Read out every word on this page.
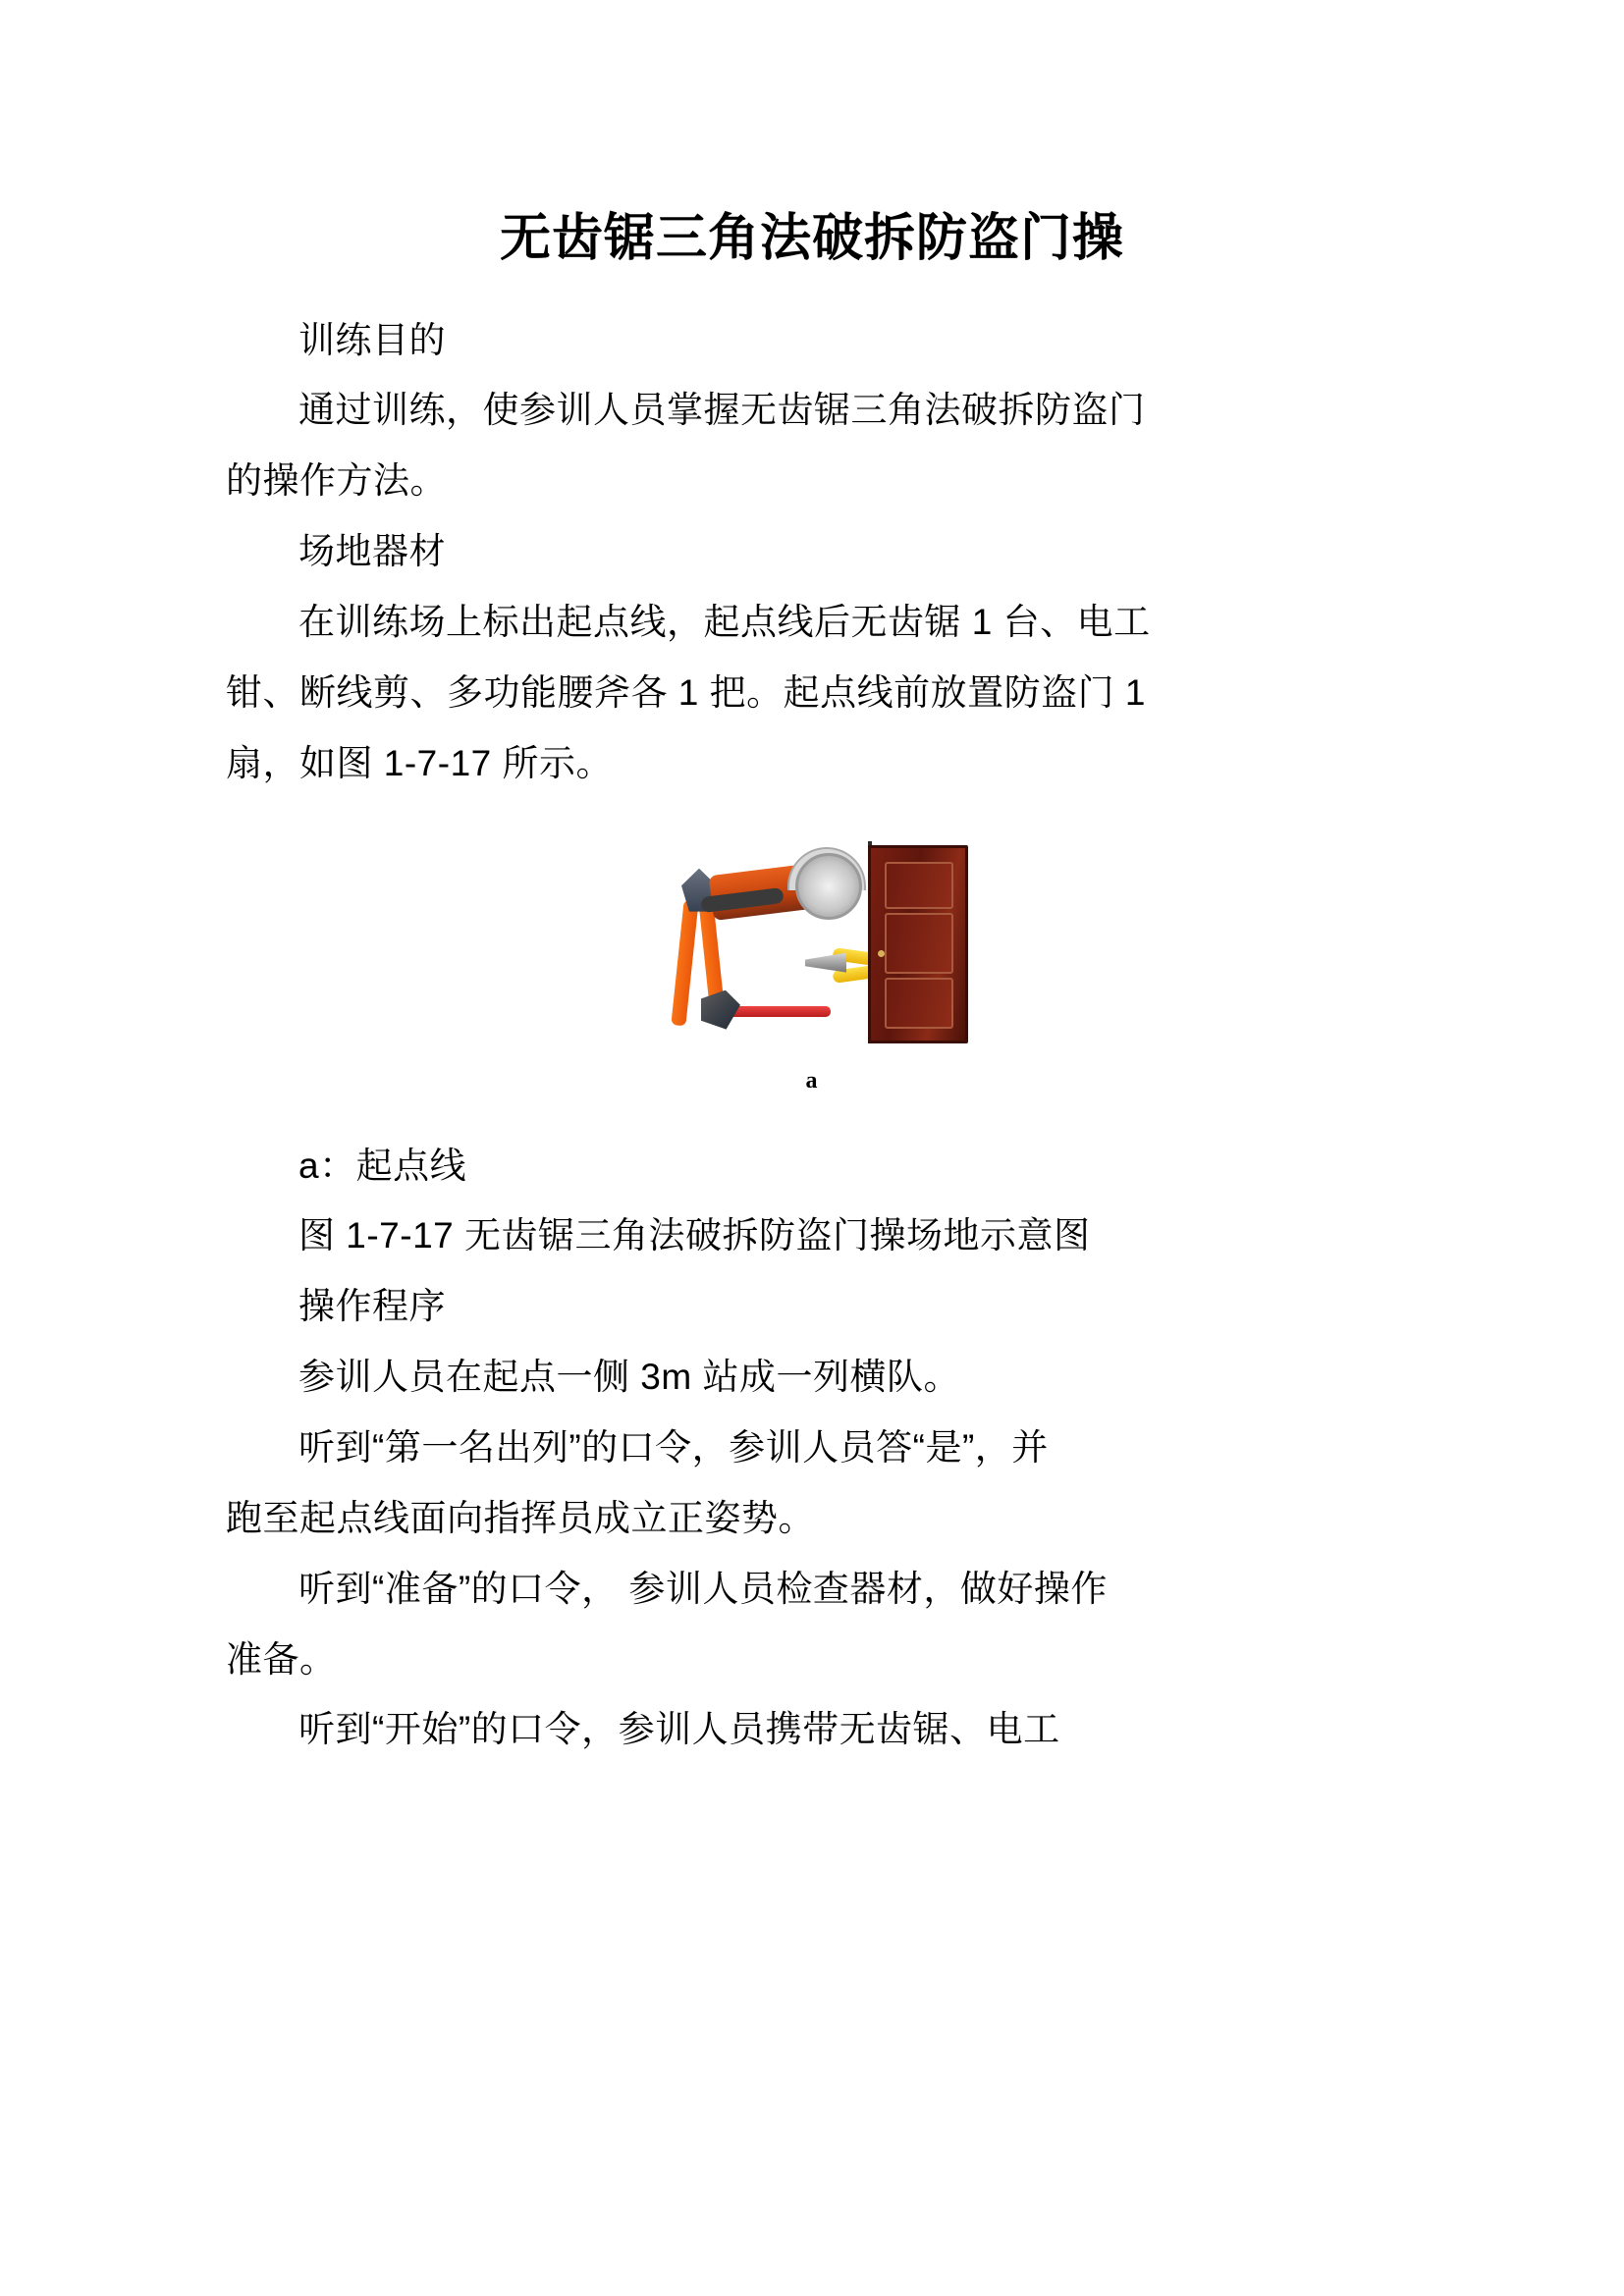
无齿锯三角法破拆防盗门操

训练目的

通过训练，使参训人员掌握无齿锯三角法破拆防盗门

的操作方法。

场地器材

在训练场上标出起点线，起点线后无齿锯 1 台、电工

钳、断线剪、多功能腰斧各 1 把。起点线前放置防盗门 1

扇，如图 1-7-17 所示。

a

a：起点线

图 1-7-17 无齿锯三角法破拆防盗门操场地示意图

操作程序

参训人员在起点一侧 3m 站成一列横队。

听到“第一名出列”的口令，参训人员答“是”，并

跑至起点线面向指挥员成立正姿势。

听到“准备”的口令， 参训人员检查器材，做好操作

准备。

听到“开始”的口令，参训人员携带无齿锯、电工
